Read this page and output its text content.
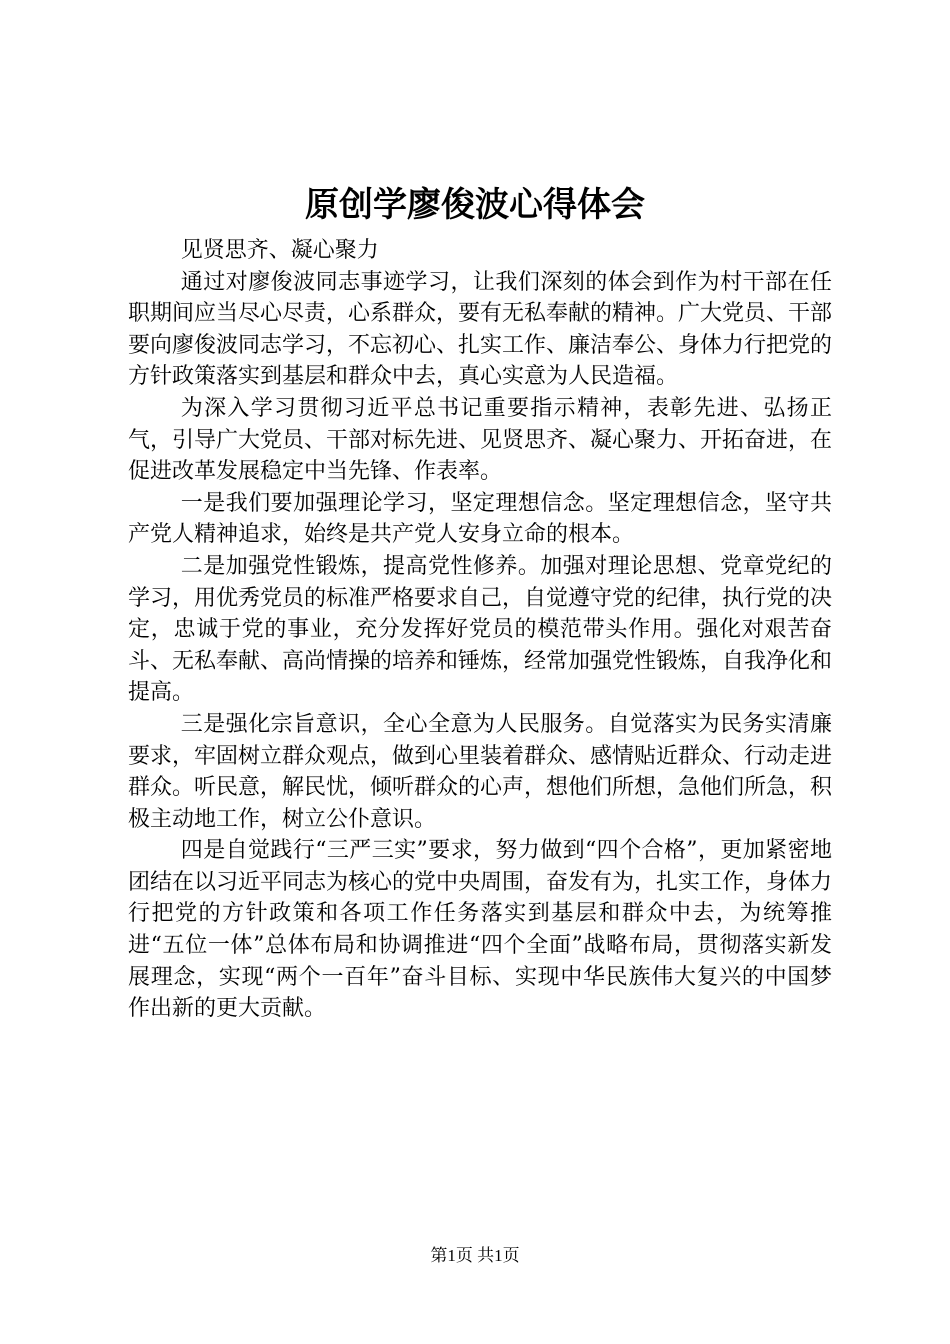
原创学廖俊波心得体会

见贤思齐、凝心聚力

通过对廖俊波同志事迹学习，让我们深刻的体会到作为村干部在任职期间应当尽心尽责，心系群众，要有无私奉献的精神。广大党员、干部要向廖俊波同志学习，不忘初心、扎实工作、廉洁奉公、身体力行把党的方针政策落实到基层和群众中去，真心实意为人民造福。

为深入学习贯彻习近平总书记重要指示精神，表彰先进、弘扬正气，引导广大党员、干部对标先进、见贤思齐、凝心聚力、开拓奋进，在促进改革发展稳定中当先锋、作表率。

一是我们要加强理论学习，坚定理想信念。坚定理想信念，坚守共产党人精神追求，始终是共产党人安身立命的根本。

二是加强党性锻炼，提高党性修养。加强对理论思想、党章党纪的学习，用优秀党员的标准严格要求自己，自觉遵守党的纪律，执行党的决定，忠诚于党的事业，充分发挥好党员的模范带头作用。强化对艰苦奋斗、无私奉献、高尚情操的培养和锤炼，经常加强党性锻炼，自我净化和提高。

三是强化宗旨意识，全心全意为人民服务。自觉落实为民务实清廉要求，牢固树立群众观点，做到心里装着群众、感情贴近群众、行动走进群众。听民意，解民忧，倾听群众的心声，想他们所想，急他们所急，积极主动地工作，树立公仆意识。

四是自觉践行“三严三实”要求，努力做到“四个合格”，更加紧密地团结在以习近平同志为核心的党中央周围，奋发有为，扎实工作，身体力行把党的方针政策和各项工作任务落实到基层和群众中去，为统筹推进“五位一体”总体布局和协调推进“四个全面”战略布局，贯彻落实新发展理念，实现“两个一百年”奋斗目标、实现中华民族伟大复兴的中国梦作出新的更大贡献。

第1页 共1页
